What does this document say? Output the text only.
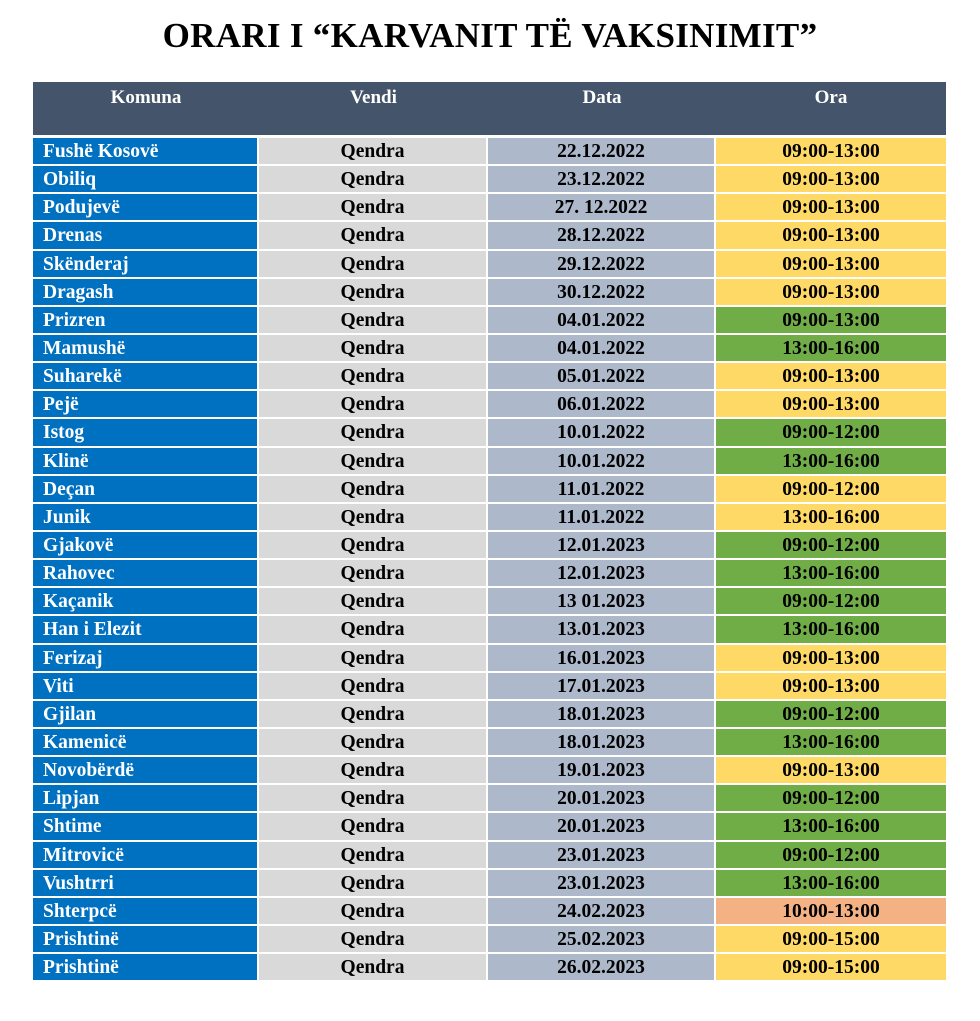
ORARI I “KARVANIT TË VAKSINIMIT”
Komuna	Vendi	Data	Ora
Fushë Kosovë	Qendra	22.12.2022	09:00-13:00
Obiliq	Qendra	23.12.2022	09:00-13:00
Podujevë	Qendra	27. 12.2022	09:00-13:00
Drenas	Qendra	28.12.2022	09:00-13:00
Skënderaj	Qendra	29.12.2022	09:00-13:00
Dragash	Qendra	30.12.2022	09:00-13:00
Prizren	Qendra	04.01.2022	09:00-13:00
Mamushë	Qendra	04.01.2022	13:00-16:00
Suharekë	Qendra	05.01.2022	09:00-13:00
Pejë	Qendra	06.01.2022	09:00-13:00
Istog	Qendra	10.01.2022	09:00-12:00
Klinë	Qendra	10.01.2022	13:00-16:00
Deçan	Qendra	11.01.2022	09:00-12:00
Junik	Qendra	11.01.2022	13:00-16:00
Gjakovë	Qendra	12.01.2023	09:00-12:00
Rahovec	Qendra	12.01.2023	13:00-16:00
Kaçanik	Qendra	13 01.2023	09:00-12:00
Han i Elezit	Qendra	13.01.2023	13:00-16:00
Ferizaj	Qendra	16.01.2023	09:00-13:00
Viti	Qendra	17.01.2023	09:00-13:00
Gjilan	Qendra	18.01.2023	09:00-12:00
Kamenicë	Qendra	18.01.2023	13:00-16:00
Novobërdë	Qendra	19.01.2023	09:00-13:00
Lipjan	Qendra	20.01.2023	09:00-12:00
Shtime	Qendra	20.01.2023	13:00-16:00
Mitrovicë	Qendra	23.01.2023	09:00-12:00
Vushtrri	Qendra	23.01.2023	13:00-16:00
Shterpcë	Qendra	24.02.2023	10:00-13:00
Prishtinë	Qendra	25.02.2023	09:00-15:00
Prishtinë	Qendra	26.02.2023	09:00-15:00
